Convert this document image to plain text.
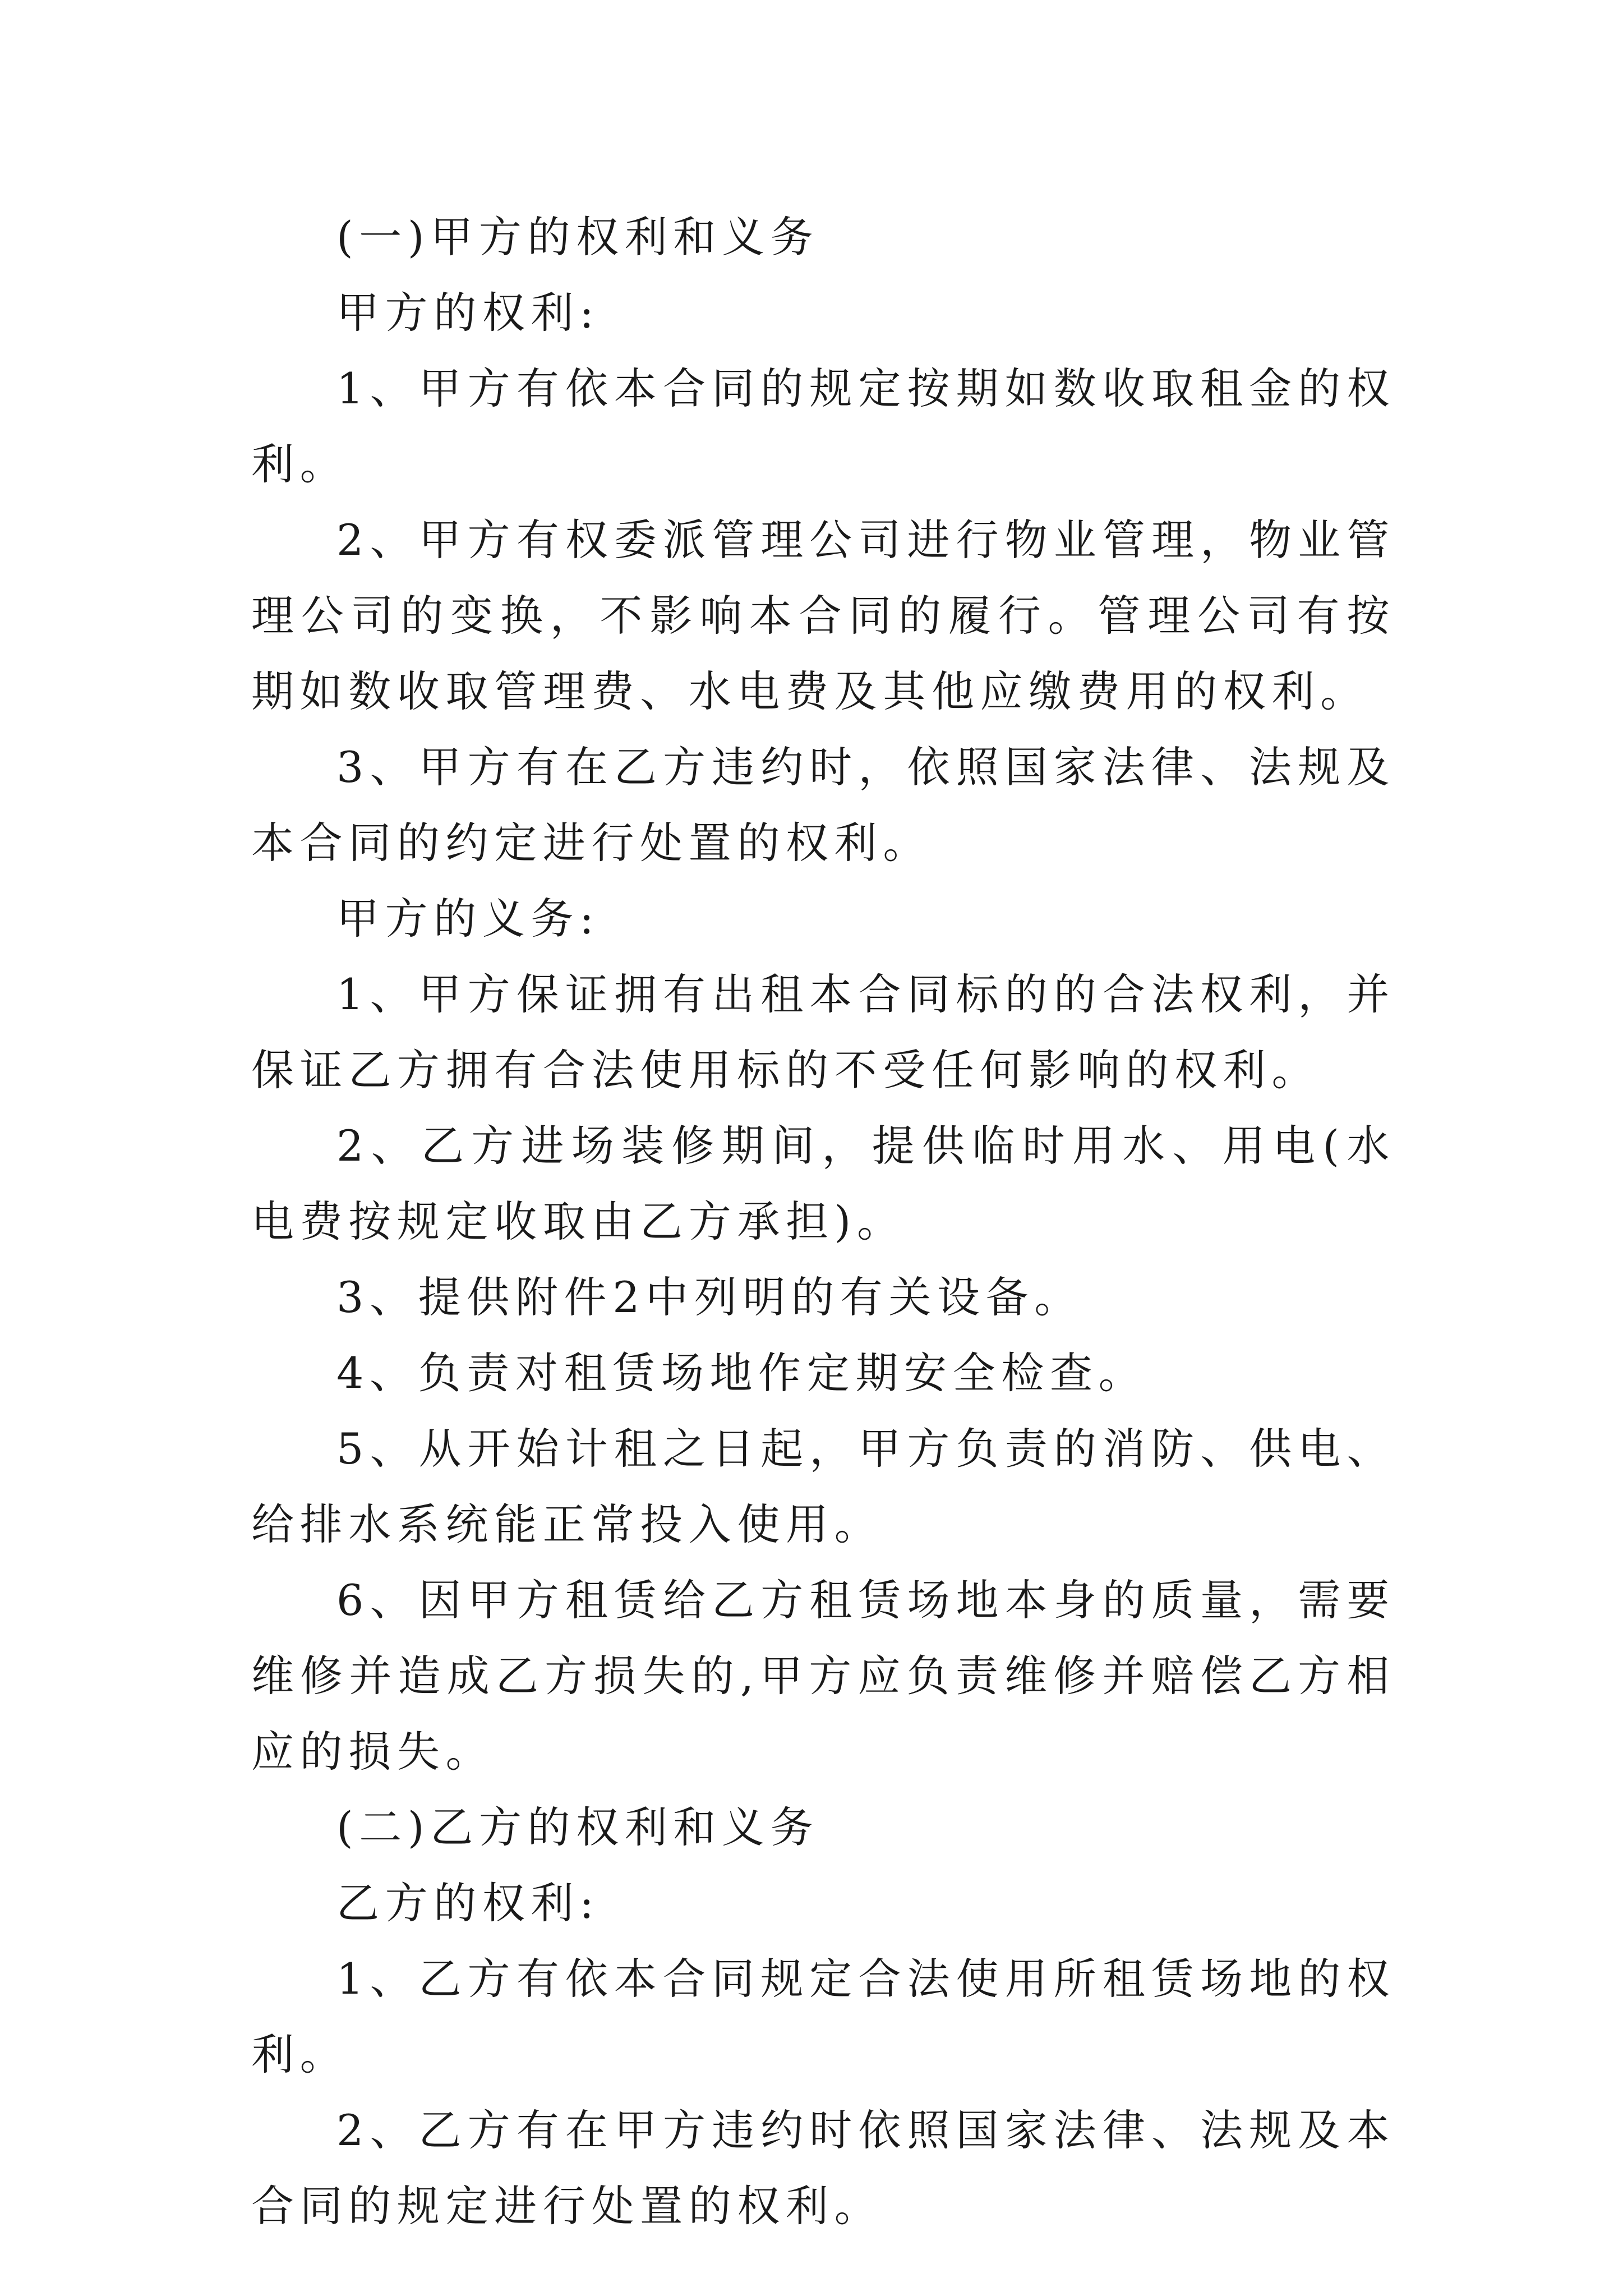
(一)甲方的权利和义务

甲方的权利:

1、甲方有依本合同的规定按期如数收取租金的权利。

2、甲方有权委派管理公司进行物业管理，物业管理公司的变换，不影响本合同的履行。管理公司有按期如数收取管理费、水电费及其他应缴费用的权利。

3、甲方有在乙方违约时，依照国家法律、法规及本合同的约定进行处置的权利。

甲方的义务:

1、甲方保证拥有出租本合同标的的合法权利，并保证乙方拥有合法使用标的不受任何影响的权利。

2、乙方进场装修期间，提供临时用水、用电(水电费按规定收取由乙方承担)。

3、提供附件2中列明的有关设备。

4、负责对租赁场地作定期安全检查。

5、从开始计租之日起，甲方负责的消防、供电、给排水系统能正常投入使用。

6、因甲方租赁给乙方租赁场地本身的质量，需要维修并造成乙方损失的,甲方应负责维修并赔偿乙方相应的损失。

(二)乙方的权利和义务

乙方的权利:

1、乙方有依本合同规定合法使用所租赁场地的权利。

2、乙方有在甲方违约时依照国家法律、法规及本合同的规定进行处置的权利。
